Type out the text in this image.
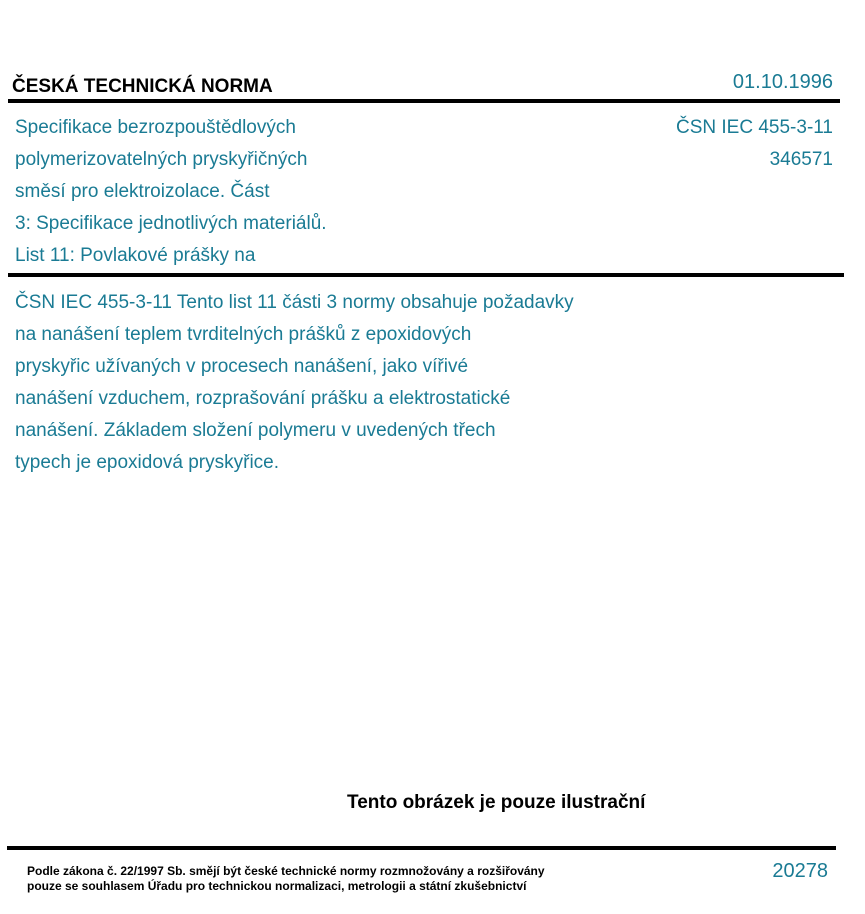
ČESKÁ TECHNICKÁ NORMA	01.10.1996
Specifikace bezrozpouštědlových
polymerizovatelných pryskyřičných
směsí pro elektroizolace. Část
3: Specifikace jednotlivých materiálů.
List 11: Povlakové prášky na
ČSN IEC 455-3-11
346571
ČSN IEC 455-3-11 Tento list 11 části 3 normy obsahuje požadavky
na nanášení teplem tvrditelných prášků z epoxidových
pryskyřic užívaných v procesech nanášení, jako vířivé
nanášení vzduchem, rozprašování prášku a elektrostatické
nanášení. Základem složení polymeru v uvedených třech
typech je epoxidová pryskyřice.
Tento obrázek je pouze ilustrační
Podle zákona č. 22/1997 Sb. smějí být české technické normy rozmnožovány a rozšiřovány
pouze se souhlasem Úřadu pro technickou normalizaci, metrologii a státní zkušebnictví
20278
